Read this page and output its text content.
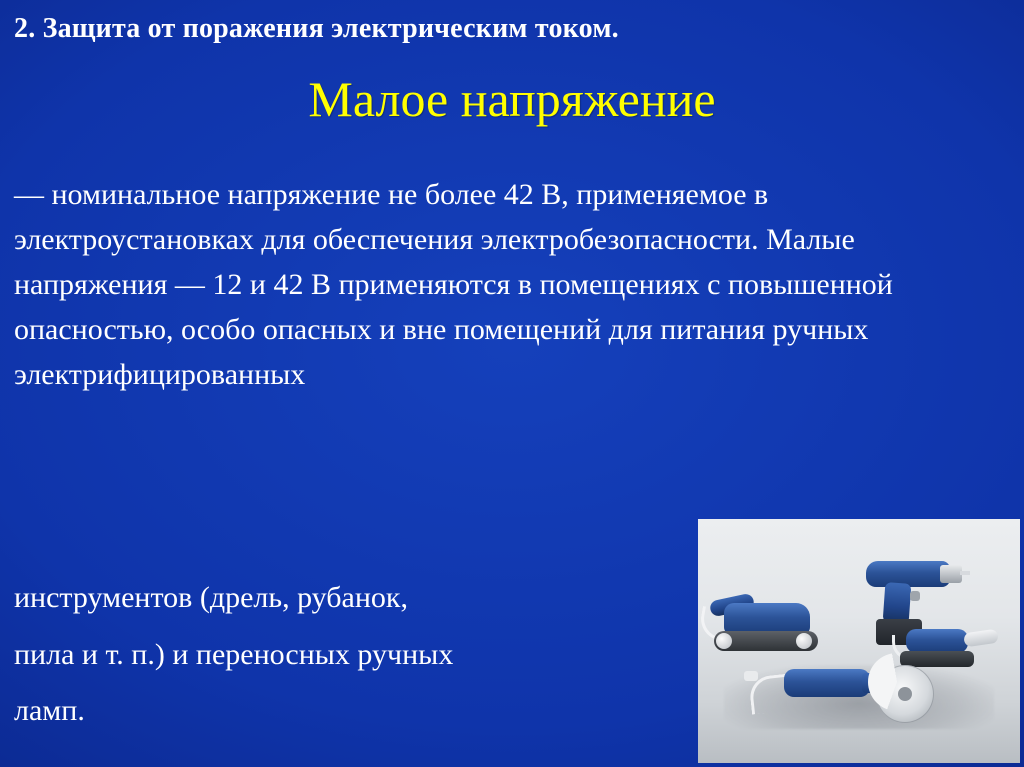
2. Защита от поражения электрическим током.
Малое напряжение

— номинальное напряжение не более 42 В, применяемое в электроустановках для обеспечения электробезопасности. Малые напряжения — 12 и 42 В применяются в помещениях с повышенной опасностью, особо опасных и вне помещений для питания ручных электрифицированных

инструментов (дрель, рубанок,

пила и т. п.) и переносных ручных

ламп.
